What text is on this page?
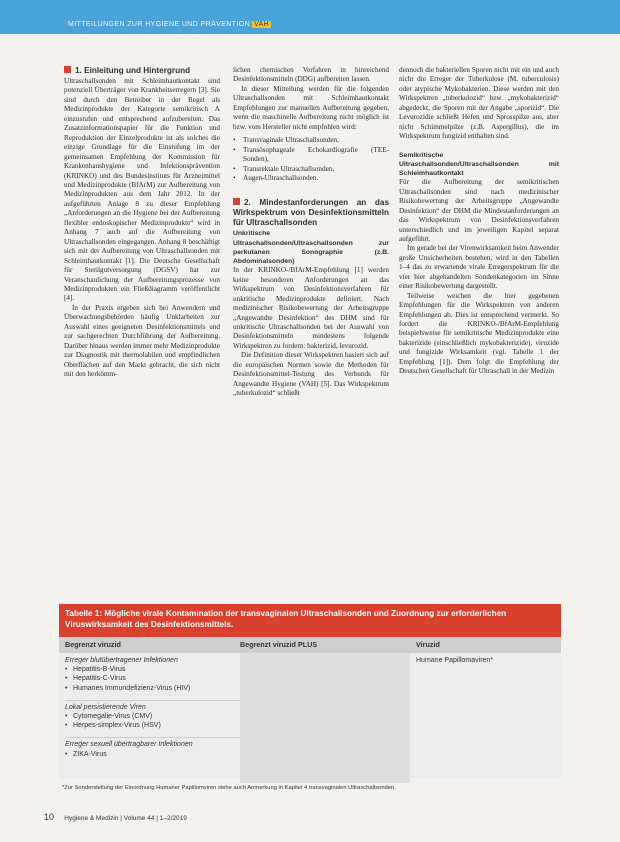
MITTEILUNGEN ZUR HYGIENE UND PRÄVENTION VAH
1. Einleitung und Hintergrund

Ultraschallsonden mit Schleimhautkontakt sind potenziell Überträger von Krankheitserregern [3]. Sie sind durch den Betreiber in der Regel als Medizinprodukte der Kategorie semikritisch A einzustufen und entsprechend aufzubereiten. Das Zusatzinformationspapier für die Funktion und Reproduktion der Einzelprodukte ist als solches die einzige Grundlage für die Einstufung im der gemeinsamen Empfehlung der Kommission für Krankenhaushygiene und Infektionsprävention (KRINKO) und des Bundesinstituts für Arzneimittel und Medizinprodukte (BfArM) zur Aufbereitung von Medizinprodukten aus dem Jahr 2012. In der aufgeführten Anlage 8 zu dieser Empfehlung „Anforderungen an die Hygiene bei der Aufbereitung flexibler endoskopischer Medizinprodukte“ wird in Anhang 7 auch auf die Aufbereitung von Ultraschallsonden eingegangen. Anhang 8 beschäftigt sich mit der Aufbereitung von Ultraschallsonden mit Schleimhautkontakt [1]. Die Deutsche Gesellschaft für Sterilgutversorgung (DGSV) hat zur Veranschaulichung der Aufbereitungsprozesse von Medizinprodukten ein Fließdiagramm veröffentlicht [4].

In der Praxis ergeben sich bei Anwendern und Überwachungsbehörden häufig Unklarheiten zur Auswahl eines geeigneten Desinfektionsmittels und zur sachgerechten Durchführung der Aufbereitung. Darüber hinaus werden immer mehr Medizinprodukte zur Diagnostik mit thermolabilen und empfindlichen Oberflächen auf den Markt gebracht, die sich nicht mit den herkömm-

lichen chemischen Verfahren in hinreichend Desinfektionsmitteln (DDG) aufbereiten lassen.

In dieser Mitteilung werden für die folgenden Ultraschallsonden mit Schleimhautkontakt Empfehlungen zur manuellen Aufbereitung gegeben, wenn die maschinelle Aufbereitung nicht möglich ist bzw. vom Hersteller nicht empfohlen wird:

• Transvaginale Ultraschallsonden,
• Transösophageale Echokardiografie (TEE-Sonden),
• Transrektale Ultraschallsonden,
• Augen-Ultraschallsonden.
2. Mindestanforderungen an das Wirkspektrum von Desinfektionsmitteln für Ultraschallsonden
Unkritische Ultraschallsonden/Ultraschallsonden zur perkutanen Sonographie (z.B. Abdominalsonden)

In der KRINKO-/BfArM-Empfehlung [1] werden keine besonderen Anforderungen an das Wirkspektrum von Desinfektionsverfahren für unkritische Medizinprodukte definiert. Nach medizinischer Risikobewertung der Arbeitsgruppe „Angewandte Desinfektion“ des DHM sind für unkritische Ultraschallsonden bei der Auswahl von Desinfektionsmitteln mindestens folgende Wirkspektren zu fordern: bakterizid, levurozid.

Die Definition dieser Wirkspektren basiert sich auf die europäischen Normen sowie die Methoden für Desinfektionsmittel-Testung des Verbunds für Angewandte Hygiene (VAH) [5]. Das Wirkspektrum „tuberkulozid“ schließt

dennoch die bakteriellen Sporen nicht mit ein und auch nicht die Erreger der Tuberkulose (M. tuberculosis) oder atypische Mykobakterien. Diese werden mit den Wirkspektren „tuberkulozid“ bzw. „mykobakterizid“ abgedeckt, die Sporen mit der Angabe „sporizid“. Die Levurozidie schließt Hefen und Sprosspilze aus, aber nicht Schimmelpilze (z.B. Aspergillus), die im Wirkspektrum fungizid enthalten sind.

Semikritische Ultraschallsonden/Ultraschallsonden mit Schleimhautkontakt

Für die Aufbereitung der semikritischen Ultraschallsonden sind nach medizinischer Risikobewertung der Arbeitsgruppe „Angewandte Desinfektion“ der DHM die Mindestanforderungen an das Wirkspektrum von Desinfektionsverfahren unterschiedlich und im jeweiligen Kapitel separat aufgeführt.

Im gerade bei der Virenwirksamkeit beim Anwender große Unsicherheiten bestehen, wird in den Tabellen 1–4 das zu erwartende virale Erregerspektrum für die vier hier abgehandelten Sondenkategorien im Sinne einer Risikobewertung dargestellt.

Teilweise weichen die hier gegebenen Empfehlungen für die Wirkspektren von anderen Empfehlungen ab. Dies ist entsprechend vermerkt. So fordert die KRINKO-/BfArM-Empfehlung beispielsweise für semikritische Medizinprodukte eine bakterizide (einschließlich mykobakterizide), viruzide und fungizide Wirksamkeit (vgl. Tabelle 1 der Empfehlung [1]). Dem folgt die Empfehlung der Deutschen Gesellschaft für Ultraschall in der Medizin

Tabelle 1: Mögliche virale Kontamination der transvaginalen Ultraschallsonden und Zuordnung zur erforderlichen Viruswirksamkeit des Desinfektionsmittels.
Begrenzt viruzid	Begrenzt viruzid PLUS	Viruzid
Erreger blutübertragener Infektionen
• Hepatitis-B-Virus
• Hepatitis-C-Virus
• Humanes Immundefizienz-Virus (HIV)
Lokal persistierende Viren
• Cytomegalie-Virus (CMV)
• Herpes-simplex-Virus (HSV)
Erreger sexuell übertragbarer Infektionen
• ZIKA-Virus
Humane Papillomaviren*
*Zur Sonderstellung der Einordnung Humaner Papillomviren siehe auch Anmerkung in Kapitel 4 transvaginalen Ultraschallsonden.
10 Hygiene & Medizin | Volume 44 | 1–2/2019
